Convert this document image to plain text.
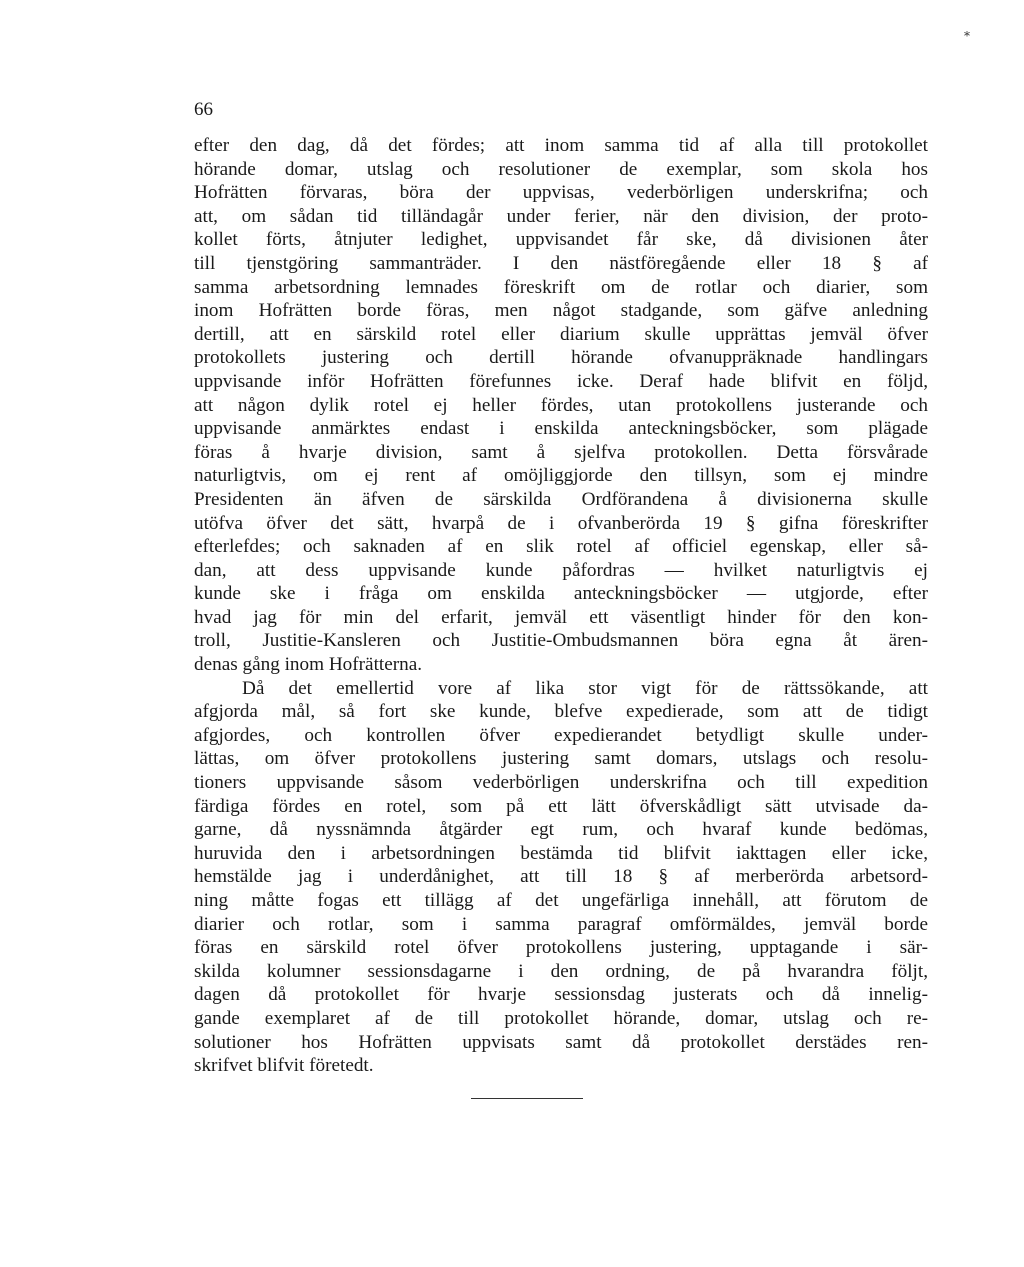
*
66
efter den dag, då det fördes; att inom samma tid af alla till protokollet
hörande domar, utslag och resolutioner de exemplar, som skola hos
Hofrätten förvaras, böra der uppvisas, vederbörligen underskrifna; och
att, om sådan tid tilländagår under ferier, när den division, der proto-
kollet förts, åtnjuter ledighet, uppvisandet får ske, då divisionen åter
till tjenstgöring sammanträder. I den nästföregående eller 18 § af
samma arbetsordning lemnades föreskrift om de rotlar och diarier, som
inom Hofrätten borde föras, men något stadgande, som gäfve anledning
dertill, att en särskild rotel eller diarium skulle upprättas jemväl öfver
protokollets justering och dertill hörande ofvanuppräknade handlingars
uppvisande inför Hofrätten förefunnes icke. Deraf hade blifvit en följd,
att någon dylik rotel ej heller fördes, utan protokollens justerande och
uppvisande anmärktes endast i enskilda anteckningsböcker, som plägade
föras å hvarje division, samt å sjelfva protokollen. Detta försvårade
naturligtvis, om ej rent af omöjliggjorde den tillsyn, som ej mindre
Presidenten än äfven de särskilda Ordförandena å divisionerna skulle
utöfva öfver det sätt, hvarpå de i ofvanberörda 19 § gifna föreskrifter
efterlefdes; och saknaden af en slik rotel af officiel egenskap, eller så-
dan, att dess uppvisande kunde påfordras — hvilket naturligtvis ej
kunde ske i fråga om enskilda anteckningsböcker — utgjorde, efter
hvad jag för min del erfarit, jemväl ett väsentligt hinder för den kon-
troll, Justitie-Kansleren och Justitie-Ombudsmannen böra egna åt ären-
denas gång inom Hofrätterna.
Då det emellertid vore af lika stor vigt för de rättssökande, att
afgjorda mål, så fort ske kunde, blefve expedierade, som att de tidigt
afgjordes, och kontrollen öfver expedierandet betydligt skulle under-
lättas, om öfver protokollens justering samt domars, utslags och resolu-
tioners uppvisande såsom vederbörligen underskrifna och till expedition
färdiga fördes en rotel, som på ett lätt öfverskådligt sätt utvisade da-
garne, då nyssnämnda åtgärder egt rum, och hvaraf kunde bedömas,
huruvida den i arbetsordningen bestämda tid blifvit iakttagen eller icke,
hemstälde jag i underdånighet, att till 18 § af merberörda arbetsord-
ning måtte fogas ett tillägg af det ungefärliga innehåll, att förutom de
diarier och rotlar, som i samma paragraf omförmäldes, jemväl borde
föras en särskild rotel öfver protokollens justering, upptagande i sär-
skilda kolumner sessionsdagarne i den ordning, de på hvarandra följt,
dagen då protokollet för hvarje sessionsdag justerats och då innelig-
gande exemplaret af de till protokollet hörande, domar, utslag och re-
solutioner hos Hofrätten uppvisats samt då protokollet derstädes ren-
skrifvet blifvit företedt.
